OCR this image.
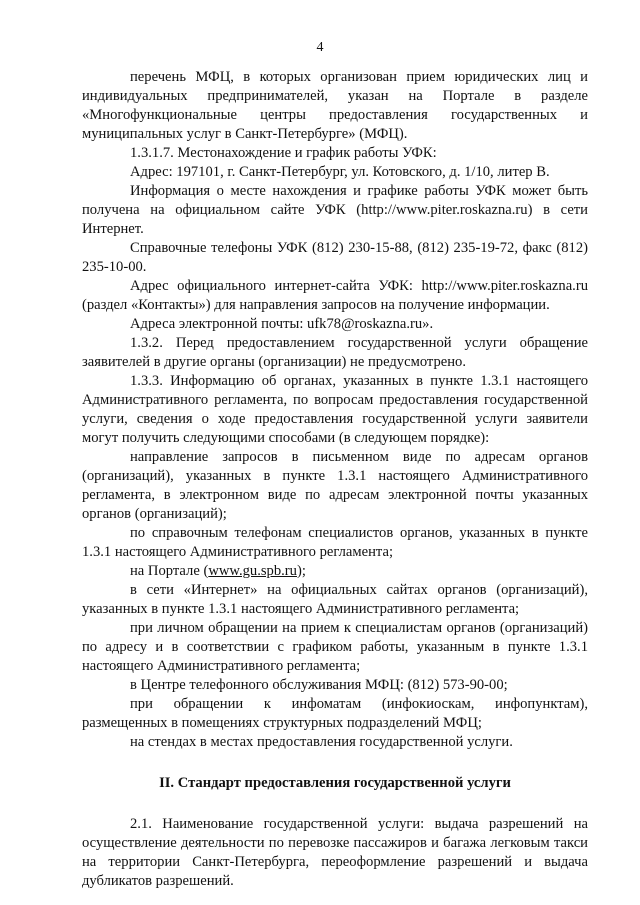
4

перечень МФЦ, в которых организован прием юридических лиц и индивидуальных предпринимателей, указан на Портале в разделе «Многофункциональные центры предоставления государственных и муниципальных услуг в Санкт-Петербурге» (МФЦ).

1.3.1.7. Местонахождение и график работы УФК:

Адрес: 197101, г. Санкт-Петербург, ул. Котовского, д. 1/10, литер В.

Информация о месте нахождения и графике работы УФК может быть получена на официальном сайте УФК (http://www.piter.roskazna.ru) в сети Интернет.

Справочные телефоны УФК (812) 230-15-88, (812) 235-19-72, факс (812) 235-10-00.

Адрес официального интернет-сайта УФК: http://www.piter.roskazna.ru (раздел «Контакты») для направления запросов на получение информации.

Адреса электронной почты: ufk78@roskazna.ru».

1.3.2. Перед предоставлением государственной услуги обращение заявителей в другие органы (организации) не предусмотрено.

1.3.3. Информацию об органах, указанных в пункте 1.3.1 настоящего Административного регламента, по вопросам предоставления государственной услуги, сведения о ходе предоставления государственной услуги заявители могут получить следующими способами (в следующем порядке):

направление запросов в письменном виде по адресам органов (организаций), указанных в пункте 1.3.1 настоящего Административного регламента, в электронном виде по адресам электронной почты указанных органов (организаций);

по справочным телефонам специалистов органов, указанных в пункте 1.3.1 настоящего Административного регламента;

на Портале (www.gu.spb.ru);

в сети «Интернет» на официальных сайтах органов (организаций), указанных в пункте 1.3.1 настоящего Административного регламента;

при личном обращении на прием к специалистам органов (организаций) по адресу и в соответствии с графиком работы, указанным в пункте 1.3.1 настоящего Административного регламента;

в Центре телефонного обслуживания МФЦ: (812) 573-90-00;

при обращении к инфоматам (инфокиоскам, инфопунктам), размещенных в помещениях структурных подразделений МФЦ;

на стендах в местах предоставления государственной услуги.

II. Стандарт предоставления государственной услуги

2.1. Наименование государственной услуги: выдача разрешений на осуществление деятельности по перевозке пассажиров и багажа легковым такси на территории Санкт-Петербурга, переоформление разрешений и выдача дубликатов разрешений.
